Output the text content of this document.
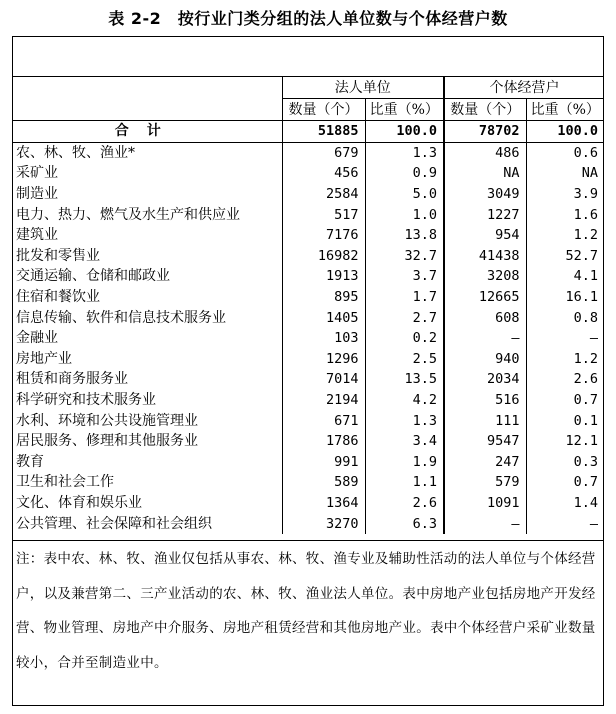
表 2-2　按行业门类分组的法人单位数与个体经营户数
	法人单位		个体经营户	
	数量（个）	比重（%）	数量（个）	比重（%）
合计	51885	100.0	78702	100.0
农、林、牧、渔业*	679	1.3	486	0.6
采矿业	456	0.9	NA	NA
制造业	2584	5.0	3049	3.9
电力、热力、燃气及水生产和供应业	517	1.0	1227	1.6
建筑业	7176	13.8	954	1.2
批发和零售业	16982	32.7	41438	52.7
交通运输、仓储和邮政业	1913	3.7	3208	4.1
住宿和餐饮业	895	1.7	12665	16.1
信息传输、软件和信息技术服务业	1405	2.7	608	0.8
金融业	103	0.2	—	—
房地产业	1296	2.5	940	1.2
租赁和商务服务业	7014	13.5	2034	2.6
科学研究和技术服务业	2194	4.2	516	0.7
水利、环境和公共设施管理业	671	1.3	111	0.1
居民服务、修理和其他服务业	1786	3.4	9547	12.1
教育	991	1.9	247	0.3
卫生和社会工作	589	1.1	579	0.7
文化、体育和娱乐业	1364	2.6	1091	1.4
公共管理、社会保障和社会组织	3270	6.3	—	—
注：表中农、林、牧、渔业仅包括从事农、林、牧、渔专业及辅助性活动的法人单位与个体经营户，以及兼营第二、三产业活动的农、林、牧、渔业法人单位。表中房地产业包括房地产开发经营、物业管理、房地产中介服务、房地产租赁经营和其他房地产业。表中个体经营户采矿业数量较小，合并至制造业中。
